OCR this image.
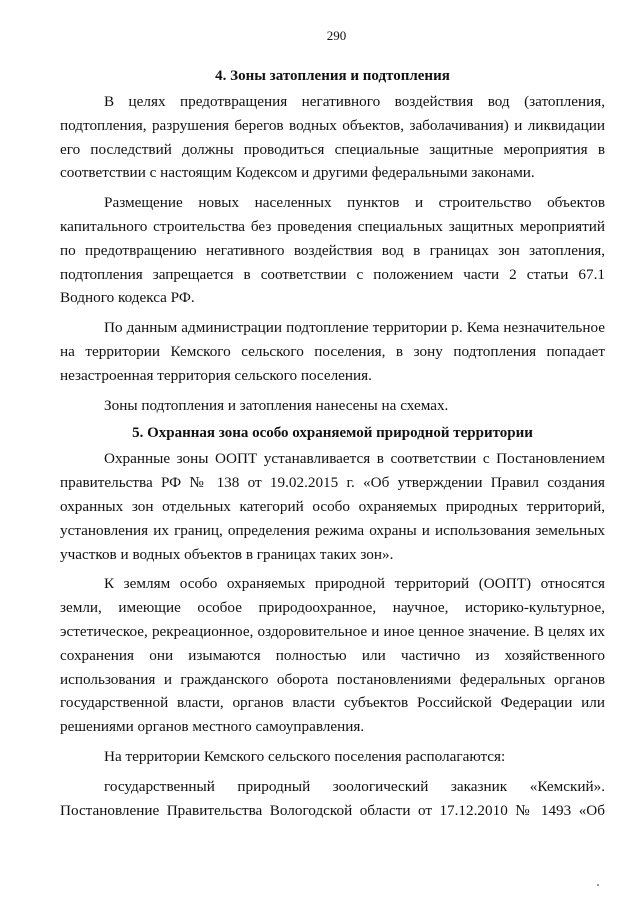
290
4. Зоны затопления и подтопления

В целях предотвращения негативного воздействия вод (затопления, подтопления, разрушения берегов водных объектов, заболачивания) и ликвидации его последствий должны проводиться специальные защитные мероприятия в соответствии с настоящим Кодексом и другими федеральными законами.

Размещение новых населенных пунктов и строительство объектов капитального строительства без проведения специальных защитных мероприятий по предотвращению негативного воздействия вод в границах зон затопления, подтопления запрещается в соответствии с положением части 2 статьи 67.1 Водного кодекса РФ.

По данным администрации подтопление территории р. Кема незначительное на территории Кемского сельского поселения, в зону подтопления попадает незастроенная территория сельского поселения.

Зоны подтопления и затопления нанесены на схемах.

5. Охранная зона особо охраняемой природной территории

Охранные зоны ООПТ устанавливается в соответствии с Постановлением правительства РФ № 138 от 19.02.2015 г. «Об утверждении Правил создания охранных зон отдельных категорий особо охраняемых природных территорий, установления их границ, определения режима охраны и использования земельных участков и водных объектов в границах таких зон».

К землям особо охраняемых природной территорий (ООПТ) относятся земли, имеющие особое природоохранное, научное, историко-культурное, эстетическое, рекреационное, оздоровительное и иное ценное значение. В целях их сохранения они изымаются полностью или частично из хозяйственного использования и гражданского оборота постановлениями федеральных органов государственной власти, органов власти субъектов Российской Федерации или решениями органов местного самоуправления.

На территории Кемского сельского поселения располагаются:

государственный природный зоологический заказник «Кемский». Постановление Правительства Вологодской области от 17.12.2010 № 1493 «Об
